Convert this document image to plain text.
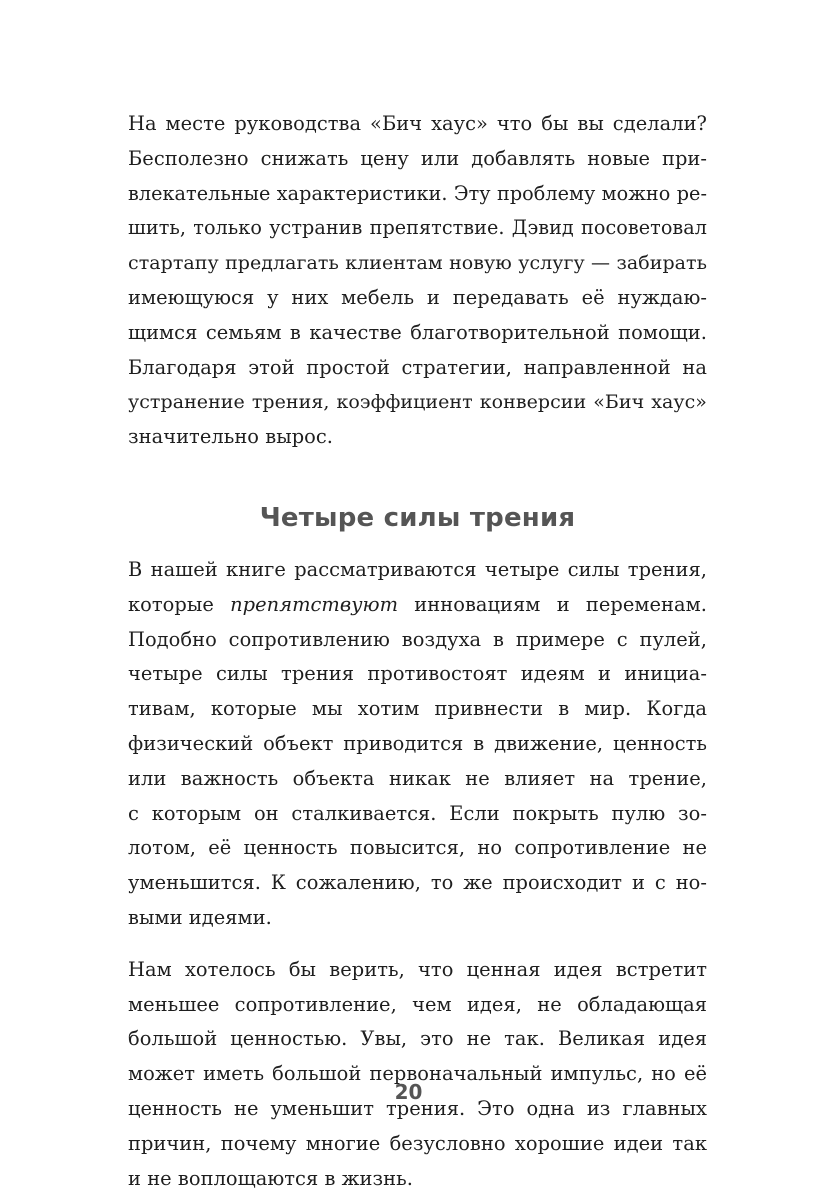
На месте руководства «Бич хаус» что бы вы сделали?
Бесполезно снижать цену или добавлять новые при-
влекательные характеристики. Эту проблему можно ре-
шить, только устранив препятствие. Дэвид посоветовал
стартапу предлагать клиентам новую услугу — забирать
имеющуюся у них мебель и передавать её нуждаю-
щимся семьям в качестве благотворительной помощи.
Благодаря этой простой стратегии, направленной на
устранение трения, коэффициент конверсии «Бич хаус»
значительно вырос.
Четыре силы трения
В нашей книге рассматриваются четыре силы трения,
которые препятствуют инновациям и переменам.
Подобно сопротивлению воздуха в примере с пулей,
четыре силы трения противостоят идеям и инициа-
тивам, которые мы хотим привнести в мир. Когда
физический объект приводится в движение, ценность
или важность объекта никак не влияет на трение,
с которым он сталкивается. Если покрыть пулю зо-
лотом, её ценность повысится, но сопротивление не
уменьшится. К сожалению, то же происходит и с но-
выми идеями.
Нам хотелось бы верить, что ценная идея встретит
меньшее сопротивление, чем идея, не обладающая
большой ценностью. Увы, это не так. Великая идея
может иметь большой первоначальный импульс, но её
ценность не уменьшит трения. Это одна из главных
причин, почему многие безусловно хорошие идеи так
и не воплощаются в жизнь.
20
